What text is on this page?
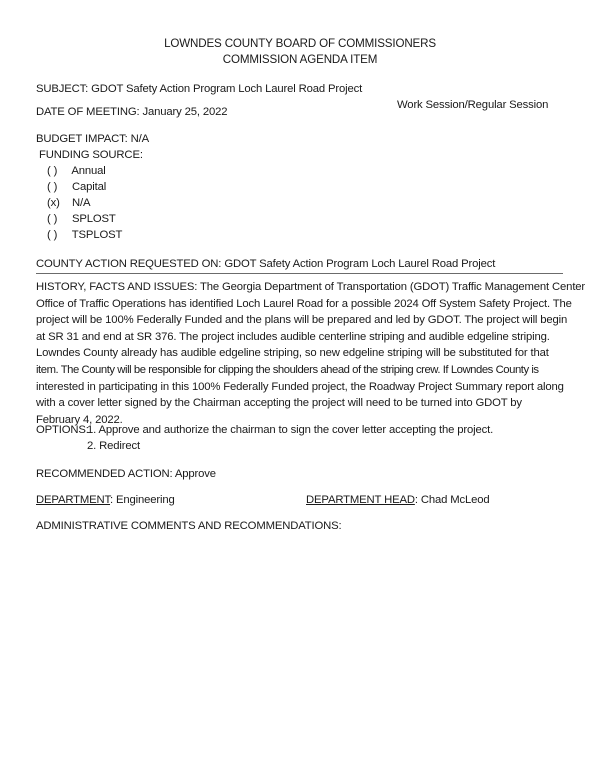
LOWNDES COUNTY BOARD OF COMMISSIONERS
COMMISSION AGENDA ITEM
SUBJECT: GDOT Safety Action Program Loch Laurel Road Project
DATE OF MEETING: January 25, 2022
Work Session/Regular Session
BUDGET IMPACT: N/A
FUNDING SOURCE:
( ) Annual
( ) Capital
(x) N/A
( ) SPLOST
( ) TSPLOST
COUNTY ACTION REQUESTED ON: GDOT Safety Action Program Loch Laurel Road Project
HISTORY, FACTS AND ISSUES: The Georgia Department of Transportation (GDOT) Traffic Management Center
Office of Traffic Operations has identified Loch Laurel Road for a possible 2024 Off System Safety Project. The
project will be 100% Federally Funded and the plans will be prepared and led by GDOT. The project will begin
at SR 31 and end at SR 376. The project includes audible centerline striping and audible edgeline striping.
Lowndes County already has audible edgeline striping, so new edgeline striping will be substituted for that
item. The County will be responsible for clipping the shoulders ahead of the striping crew. If Lowndes County is
interested in participating in this 100% Federally Funded project, the Roadway Project Summary report along
with a cover letter signed by the Chairman accepting the project will need to be turned into GDOT by
February 4, 2022.
OPTIONS:
1. Approve and authorize the chairman to sign the cover letter accepting the project.
2. Redirect
RECOMMENDED ACTION: Approve
DEPARTMENT: Engineering	DEPARTMENT HEAD: Chad McLeod
ADMINISTRATIVE COMMENTS AND RECOMMENDATIONS:
